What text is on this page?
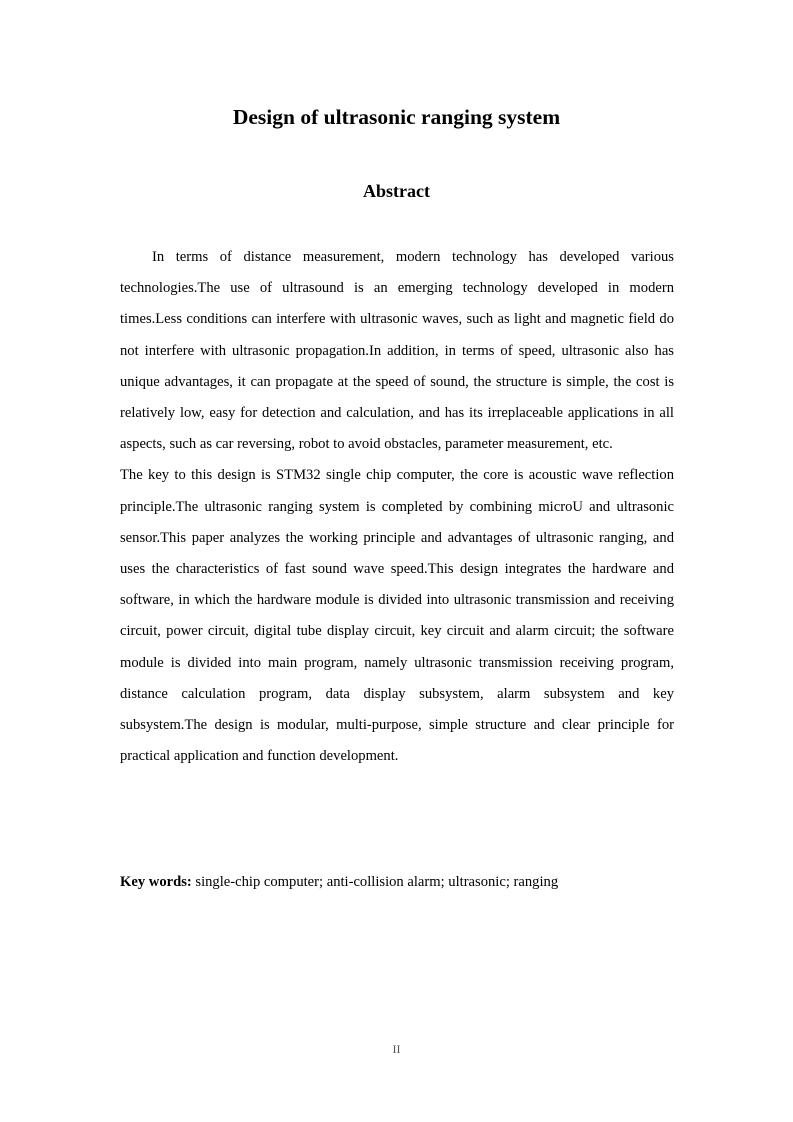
Design of ultrasonic ranging system
Abstract

In terms of distance measurement, modern technology has developed various technologies.The use of ultrasound is an emerging technology developed in modern times.Less conditions can interfere with ultrasonic waves, such as light and magnetic field do not interfere with ultrasonic propagation.In addition, in terms of speed, ultrasonic also has unique advantages, it can propagate at the speed of sound, the structure is simple, the cost is relatively low, easy for detection and calculation, and has its irreplaceable applications in all aspects, such as car reversing, robot to avoid obstacles, parameter measurement, etc.

The key to this design is STM32 single chip computer, the core is acoustic wave reflection principle.The ultrasonic ranging system is completed by combining microU and ultrasonic sensor.This paper analyzes the working principle and advantages of ultrasonic ranging, and uses the characteristics of fast sound wave speed.This design integrates the hardware and software, in which the hardware module is divided into ultrasonic transmission and receiving circuit, power circuit, digital tube display circuit, key circuit and alarm circuit; the software module is divided into main program, namely ultrasonic transmission receiving program, distance calculation program, data display subsystem, alarm subsystem and key subsystem.The design is modular, multi-purpose, simple structure and clear principle for practical application and function development.

Key words: single-chip computer; anti-collision alarm; ultrasonic; ranging
II
